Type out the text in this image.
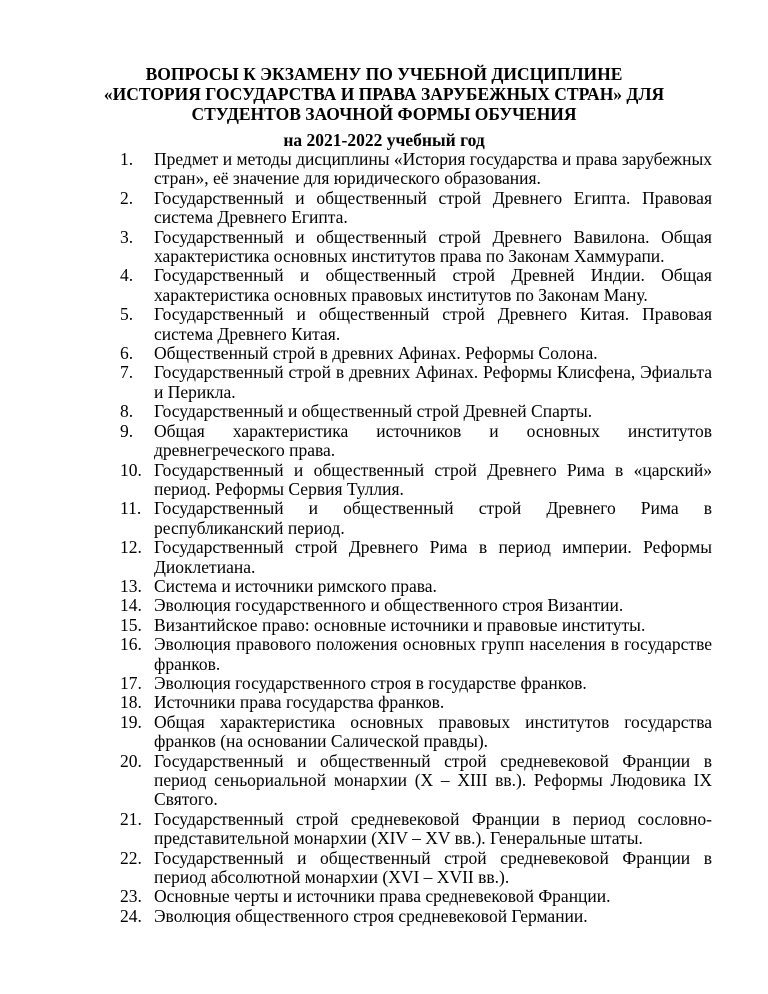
ВОПРОСЫ К ЭКЗАМЕНУ ПО УЧЕБНОЙ ДИСЦИПЛИНЕ «ИСТОРИЯ ГОСУДАРСТВА И ПРАВА ЗАРУБЕЖНЫХ СТРАН» ДЛЯ СТУДЕНТОВ ЗАОЧНОЙ ФОРМЫ ОБУЧЕНИЯ
на 2021-2022 учебный год
1.	Предмет и методы дисциплины «История государства и права зарубежных стран», её значение для юридического образования.
2.	Государственный и общественный строй Древнего Египта. Правовая система Древнего Египта.
3.	Государственный и общественный строй Древнего Вавилона. Общая характеристика основных институтов права по Законам Хаммурапи.
4.	Государственный и общественный строй Древней Индии. Общая характеристика основных правовых институтов по Законам Ману.
5.	Государственный и общественный строй Древнего Китая. Правовая система Древнего Китая.
6.	Общественный строй в древних Афинах. Реформы Солона.
7.	Государственный строй в древних Афинах. Реформы Клисфена, Эфиальта и Перикла.
8.	Государственный и общественный строй Древней Спарты.
9.	Общая характеристика источников и основных институтов древнегреческого права.
10. Государственный и общественный строй Древнего Рима в «царский» период. Реформы Сервия Туллия.
11. Государственный и общественный строй Древнего Рима в республиканский период.
12. Государственный строй Древнего Рима в период империи. Реформы Диоклетиана.
13. Система и источники римского права.
14. Эволюция государственного и общественного строя Византии.
15. Византийское право: основные источники и правовые институты.
16. Эволюция правового положения основных групп населения в государстве франков.
17. Эволюция государственного строя в государстве франков.
18. Источники права государства франков.
19. Общая характеристика основных правовых институтов государства франков (на основании Салической правды).
20. Государственный и общественный строй средневековой Франции в период сеньориальной монархии (X – XIII вв.). Реформы Людовика IX Святого.
21. Государственный строй средневековой Франции в период сословно-представительной монархии (XIV – XV вв.). Генеральные штаты.
22. Государственный и общественный строй средневековой Франции в период абсолютной монархии (XVI – XVII вв.).
23. Основные черты и источники права средневековой Франции.
24. Эволюция общественного строя средневековой Германии.
